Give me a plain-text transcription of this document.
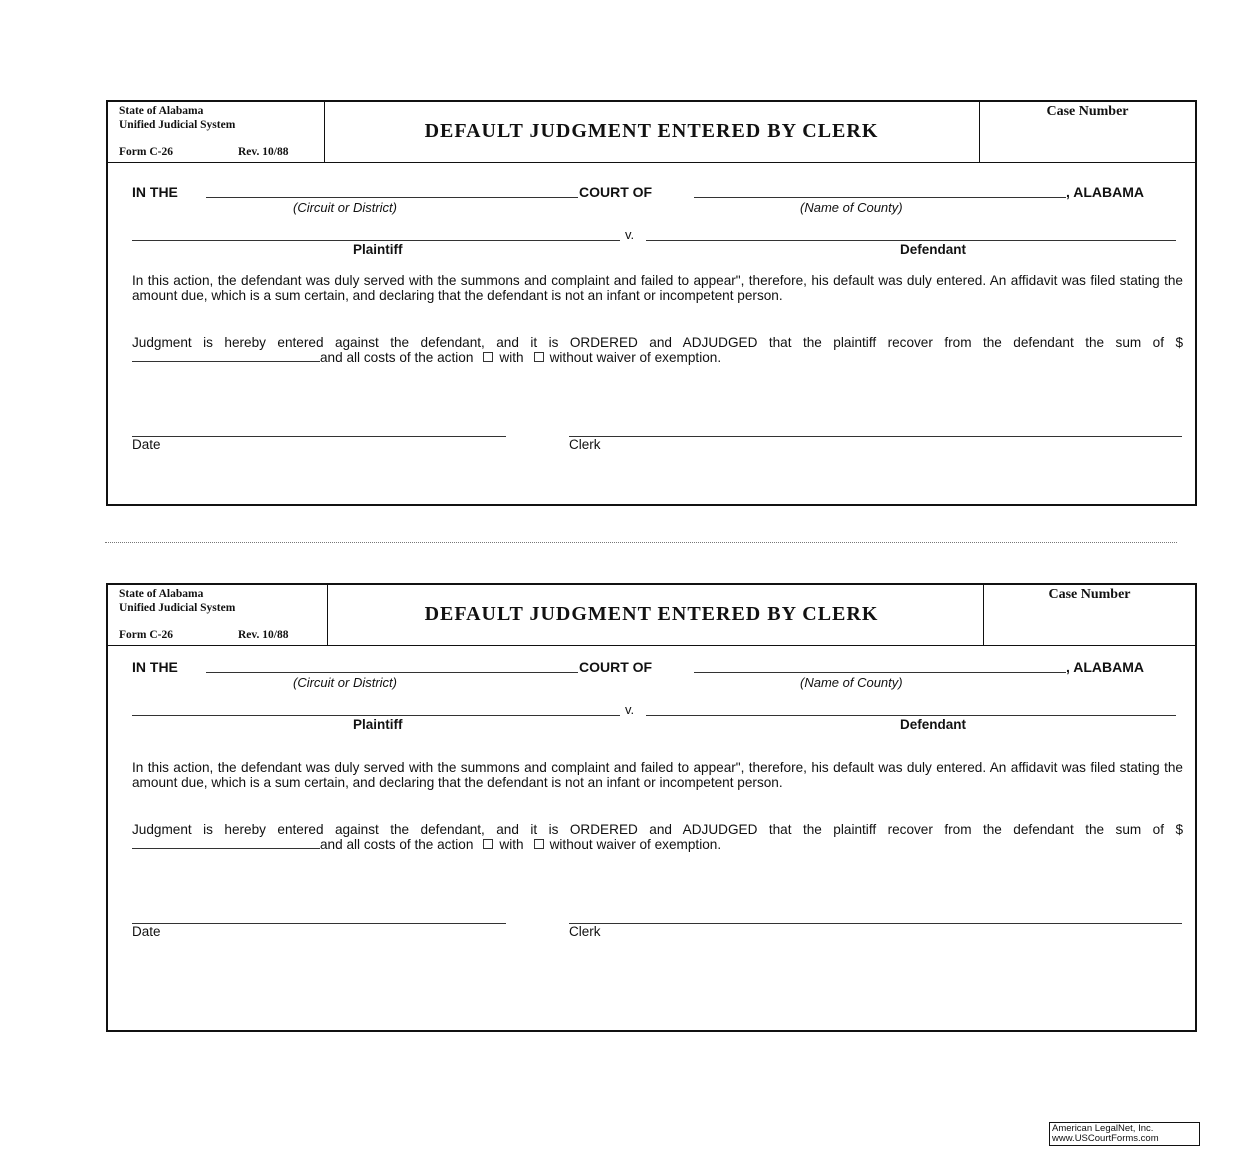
State of Alabama
Unified Judicial System
Form C-26	Rev. 10/88
DEFAULT JUDGMENT ENTERED BY CLERK
Case Number
IN THE	COURT OF	, ALABAMA
(Circuit or District)	(Name of County)
v.
Plaintiff	Defendant
In this action, the defendant was duly served with the summons and complaint and failed to appear", therefore, his default was duly entered. An affidavit was filed stating the amount due, which is a sum certain, and declaring that the defendant is not an infant or incompetent person.
Judgment is hereby entered against the defendant, and it is ORDERED and ADJUDGED that the plaintiff recover from the defendant the sum of $and all costs of the action with without waiver of exemption.
Date	Clerk
State of Alabama
Unified Judicial System
Form C-26	Rev. 10/88
DEFAULT JUDGMENT ENTERED BY CLERK
Case Number
IN THE	COURT OF	, ALABAMA
(Circuit or District)	(Name of County)
v.
Plaintiff	Defendant
In this action, the defendant was duly served with the summons and complaint and failed to appear", therefore, his default was duly entered. An affidavit was filed stating the amount due, which is a sum certain, and declaring that the defendant is not an infant or incompetent person.
Judgment is hereby entered against the defendant, and it is ORDERED and ADJUDGED that the plaintiff recover from the defendant the sum of $and all costs of the action with without waiver of exemption.
Date	Clerk
American LegalNet, Inc.
www.USCourtForms.com
